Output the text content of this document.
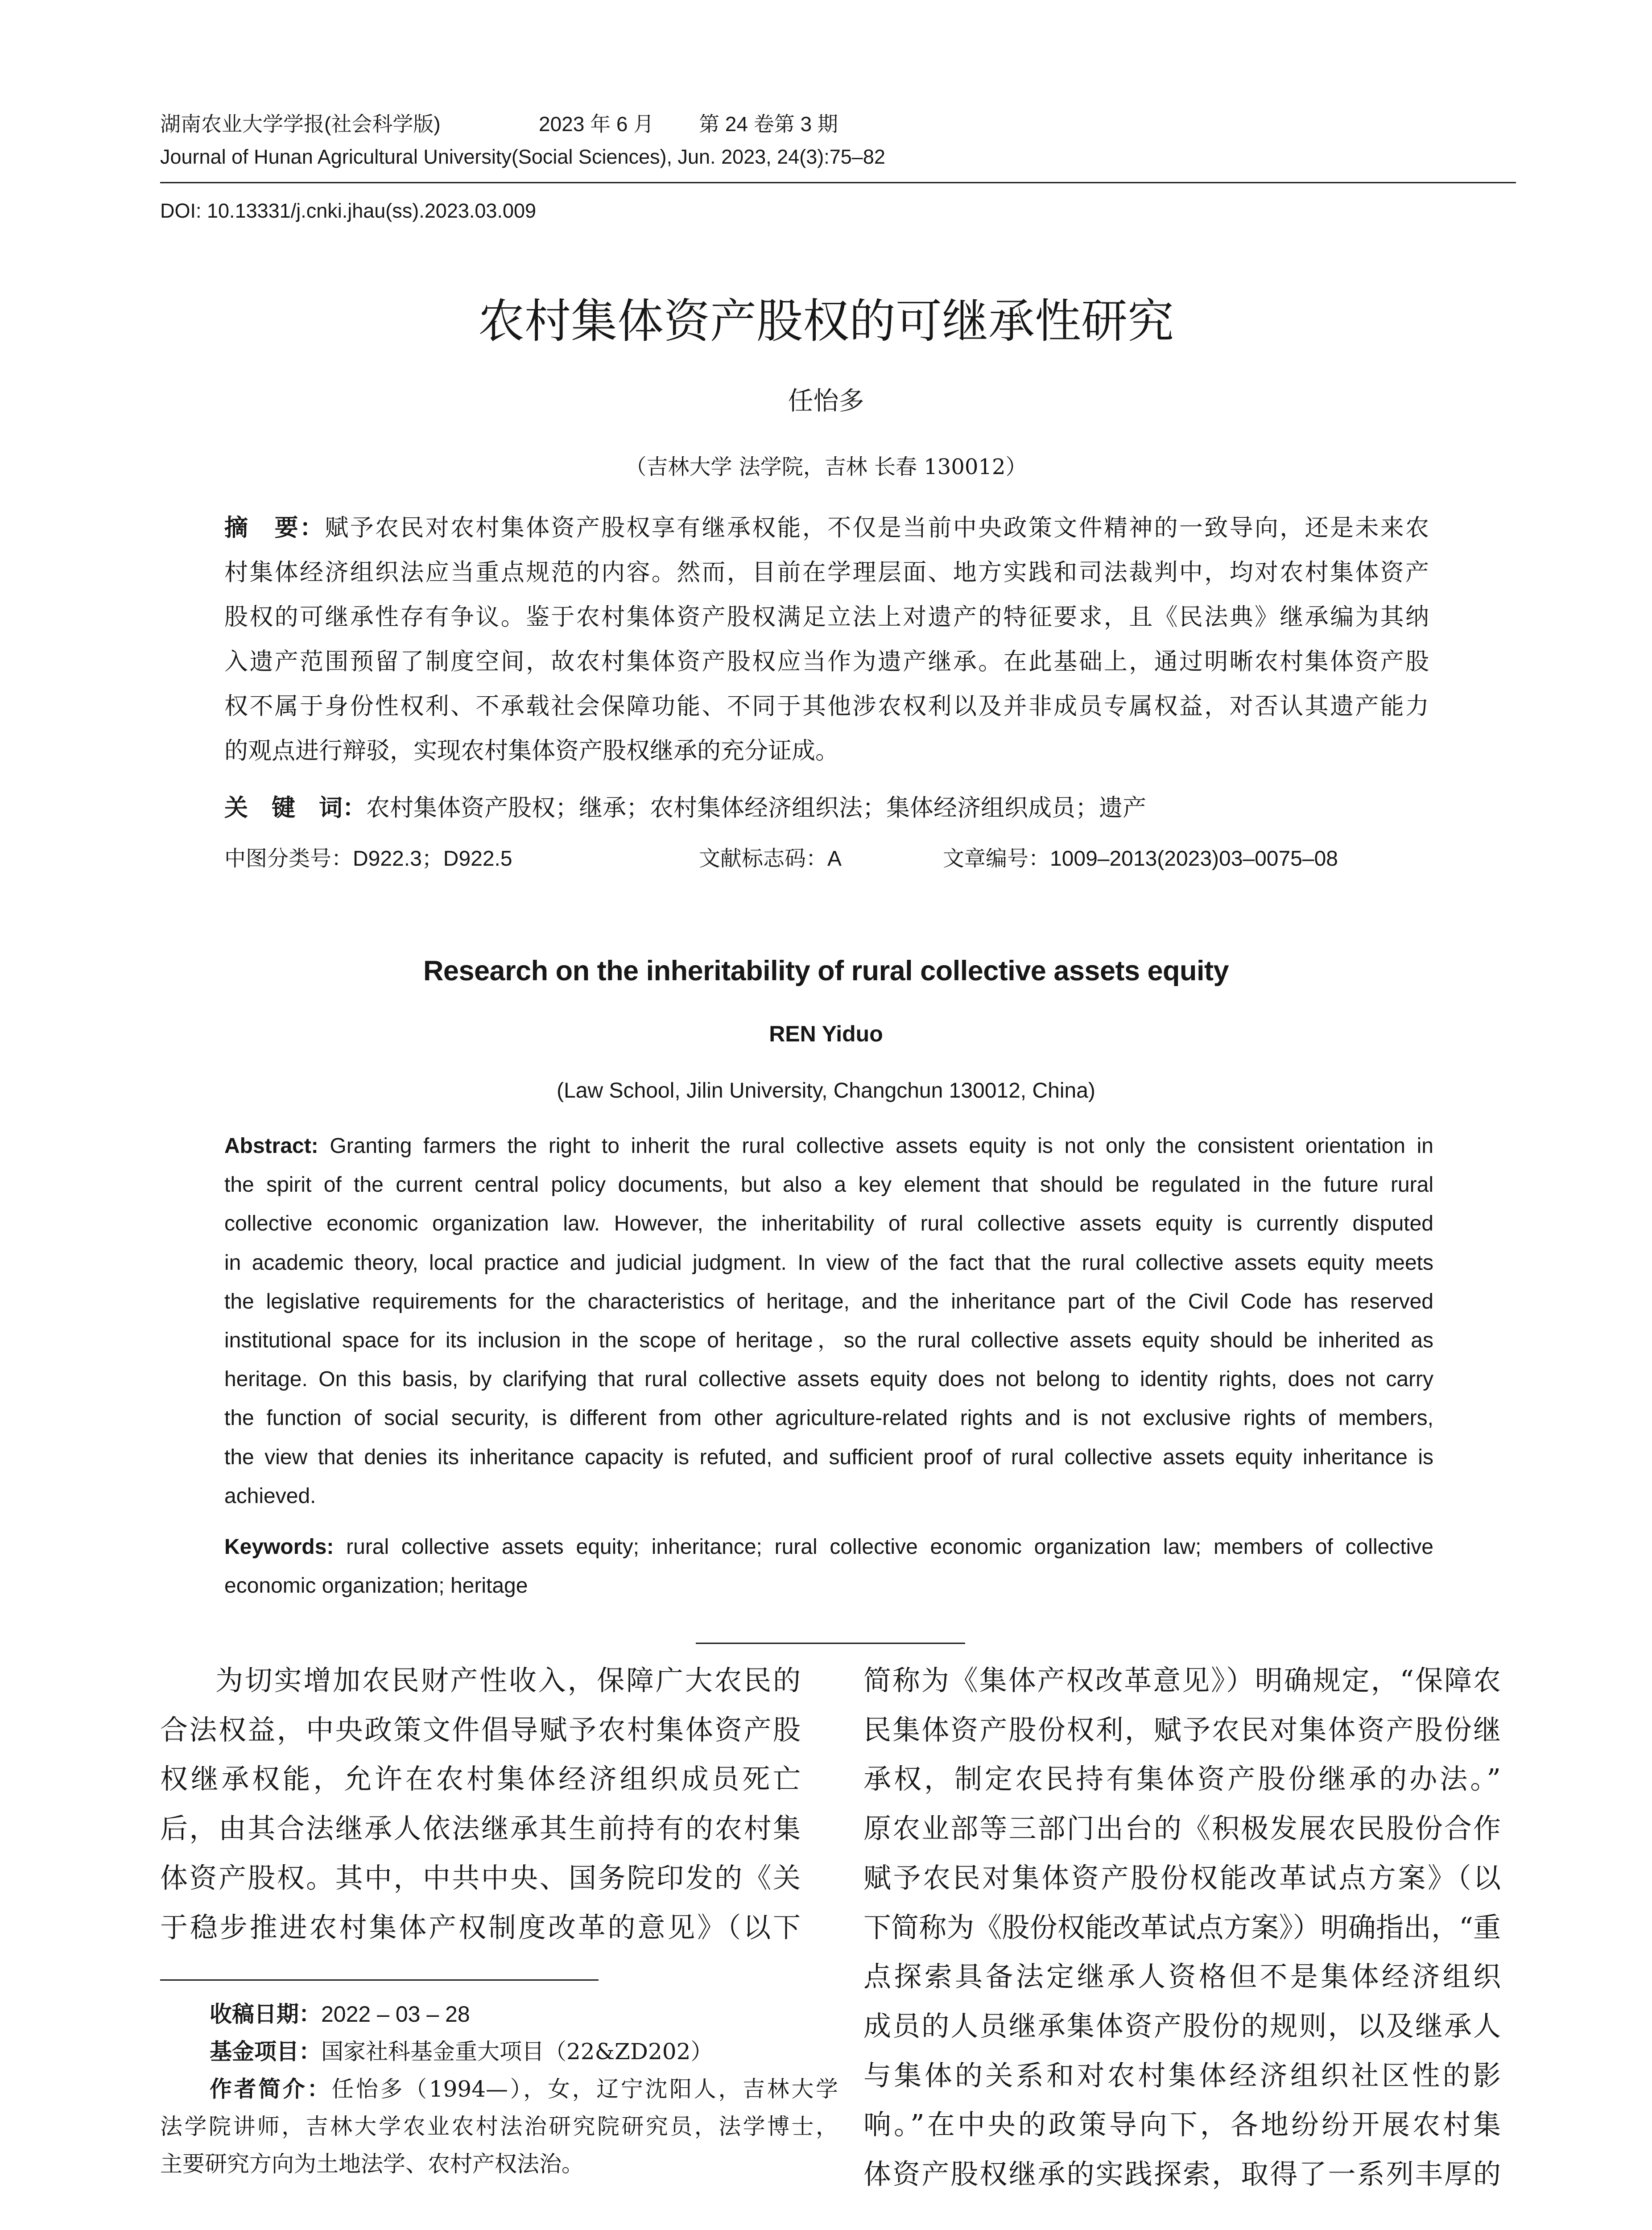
湖南农业大学学报(社会科学版)	2023 年 6 月 第 24 卷第 3 期
Journal of Hunan Agricultural University(Social Sciences), Jun. 2023, 24(3):75–82
DOI: 10.13331/j.cnki.jhau(ss).2023.03.009
农村集体资产股权的可继承性研究
任怡多
（吉林大学 法学院，吉林 长春 130012）
摘　要：赋予农民对农村集体资产股权享有继承权能，不仅是当前中央政策文件精神的一致导向，还是未来农
村集体经济组织法应当重点规范的内容。然而，目前在学理层面、地方实践和司法裁判中，均对农村集体资产
股权的可继承性存有争议。鉴于农村集体资产股权满足立法上对遗产的特征要求，且《民法典》继承编为其纳
入遗产范围预留了制度空间，故农村集体资产股权应当作为遗产继承。在此基础上，通过明晰农村集体资产股
权不属于身份性权利、不承载社会保障功能、不同于其他涉农权利以及并非成员专属权益，对否认其遗产能力
的观点进行辩驳，实现农村集体资产股权继承的充分证成。
关　键　词：农村集体资产股权；继承；农村集体经济组织法；集体经济组织成员；遗产
中图分类号：D922.3；D922.5	文献标志码：A	文章编号：1009–2013(2023)03–0075–08
Research on the inheritability of rural collective assets equity
REN Yiduo
(Law School, Jilin University, Changchun 130012, China)
Abstract: Granting farmers the right to inherit the rural collective assets equity is not only the consistent orientation in
the spirit of the current central policy documents, but also a key element that should be regulated in the future rural
collective economic organization law. However, the inheritability of rural collective assets equity is currently disputed
in academic theory, local practice and judicial judgment. In view of the fact that the rural collective assets equity meets
the legislative requirements for the characteristics of heritage, and the inheritance part of the Civil Code has reserved
institutional space for its inclusion in the scope of heritage，so the rural collective assets equity should be inherited as
heritage. On this basis, by clarifying that rural collective assets equity does not belong to identity rights, does not carry
the function of social security, is different from other agriculture-related rights and is not exclusive rights of members,
the view that denies its inheritance capacity is refuted, and sufficient proof of rural collective assets equity inheritance is
achieved.
Keywords: rural collective assets equity; inheritance; rural collective economic organization law; members of collective
economic organization; heritage
为切实增加农民财产性收入，保障广大农民的
合法权益，中央政策文件倡导赋予农村集体资产股
权继承权能，允许在农村集体经济组织成员死亡
后，由其合法继承人依法继承其生前持有的农村集
体资产股权。其中，中共中央、国务院印发的《关
于稳步推进农村集体产权制度改革的意见》（以下
简称为《集体产权改革意见》）明确规定，“保障农
民集体资产股份权利，赋予农民对集体资产股份继
承权，制定农民持有集体资产股份继承的办法。”
原农业部等三部门出台的《积极发展农民股份合作
赋予农民对集体资产股份权能改革试点方案》（以
下简称为《股份权能改革试点方案》）明确指出，“重
点探索具备法定继承人资格但不是集体经济组织
成员的人员继承集体资产股份的规则，以及继承人
与集体的关系和对农村集体经济组织社区性的影
响。”在中央的政策导向下，各地纷纷开展农村集
体资产股权继承的实践探索，取得了一系列丰厚的
收稿日期：2022 – 03 – 28
基金项目：国家社科基金重大项目（22&ZD202）
作者简介：任怡多（1994—），女，辽宁沈阳人，吉林大学
法学院讲师，吉林大学农业农村法治研究院研究员，法学博士，
主要研究方向为土地法学、农村产权法治。
